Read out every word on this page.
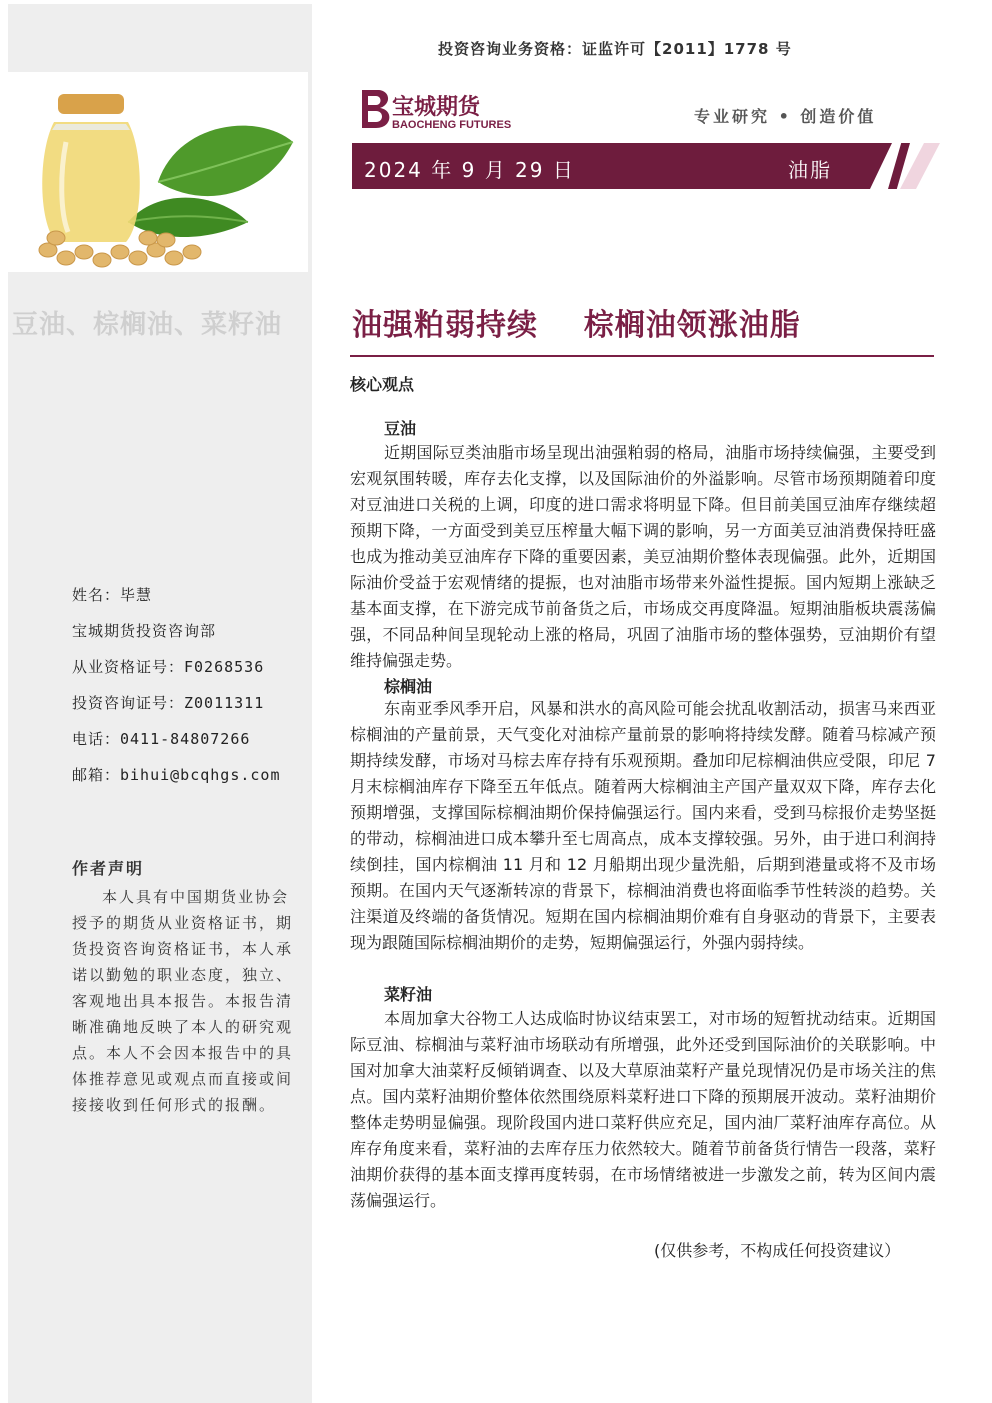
豆油、棕榈油、菜籽油
姓名：毕慧
宝城期货投资咨询部
从业资格证号：F0268536
投资咨询证号：Z0011311
电话：0411-84807266
邮箱：bihui@bcqhgs.com
作者声明
本人具有中国期货业协会授予的期货从业资格证书，期货投资咨询资格证书，本人承诺以勤勉的职业态度，独立、客观地出具本报告。本报告清晰准确地反映了本人的研究观点。本人不会因本报告中的具体推荐意见或观点而直接或间接接收到任何形式的报酬。
投资咨询业务资格：证监许可【2011】1778 号
宝城期货
BAOCHENG FUTURES	专业研究 • 创造价值
2024 年 9 月 29 日	油脂
油强粕弱持续    棕榈油领涨油脂
核心观点
豆油

近期国际豆类油脂市场呈现出油强粕弱的格局，油脂市场持续偏强，主要受到宏观氛围转暖，库存去化支撑，以及国际油价的外溢影响。尽管市场预期随着印度对豆油进口关税的上调，印度的进口需求将明显下降。但目前美国豆油库存继续超预期下降，一方面受到美豆压榨量大幅下调的影响，另一方面美豆油消费保持旺盛也成为推动美豆油库存下降的重要因素，美豆油期价整体表现偏强。此外，近期国际油价受益于宏观情绪的提振，也对油脂市场带来外溢性提振。国内短期上涨缺乏基本面支撑，在下游完成节前备货之后，市场成交再度降温。短期油脂板块震荡偏强，不同品种间呈现轮动上涨的格局，巩固了油脂市场的整体强势，豆油期价有望维持偏强走势。

棕榈油

东南亚季风季开启，风暴和洪水的高风险可能会扰乱收割活动，损害马来西亚棕榈油的产量前景，天气变化对油棕产量前景的影响将持续发酵。随着马棕减产预期持续发酵，市场对马棕去库存持有乐观预期。叠加印尼棕榈油供应受限，印尼 7 月末棕榈油库存下降至五年低点。随着两大棕榈油主产国产量双双下降，库存去化预期增强，支撑国际棕榈油期价保持偏强运行。国内来看，受到马棕报价走势坚挺的带动，棕榈油进口成本攀升至七周高点，成本支撑较强。另外，由于进口利润持续倒挂，国内棕榈油 11 月和 12 月船期出现少量洗船，后期到港量或将不及市场预期。在国内天气逐渐转凉的背景下，棕榈油消费也将面临季节性转淡的趋势。关注渠道及终端的备货情况。短期在国内棕榈油期价难有自身驱动的背景下，主要表现为跟随国际棕榈油期价的走势，短期偏强运行，外强内弱持续。

菜籽油

本周加拿大谷物工人达成临时协议结束罢工，对市场的短暂扰动结束。近期国际豆油、棕榈油与菜籽油市场联动有所增强，此外还受到国际油价的关联影响。中国对加拿大油菜籽反倾销调查、以及大草原油菜籽产量兑现情况仍是市场关注的焦点。国内菜籽油期价整体依然围绕原料菜籽进口下降的预期展开波动。菜籽油期价整体走势明显偏强。现阶段国内进口菜籽供应充足，国内油厂菜籽油库存高位。从库存角度来看，菜籽油的去库存压力依然较大。随着节前备货行情告一段落，菜籽油期价获得的基本面支撑再度转弱，在市场情绪被进一步激发之前，转为区间内震荡偏强运行。

(仅供参考，不构成任何投资建议）
